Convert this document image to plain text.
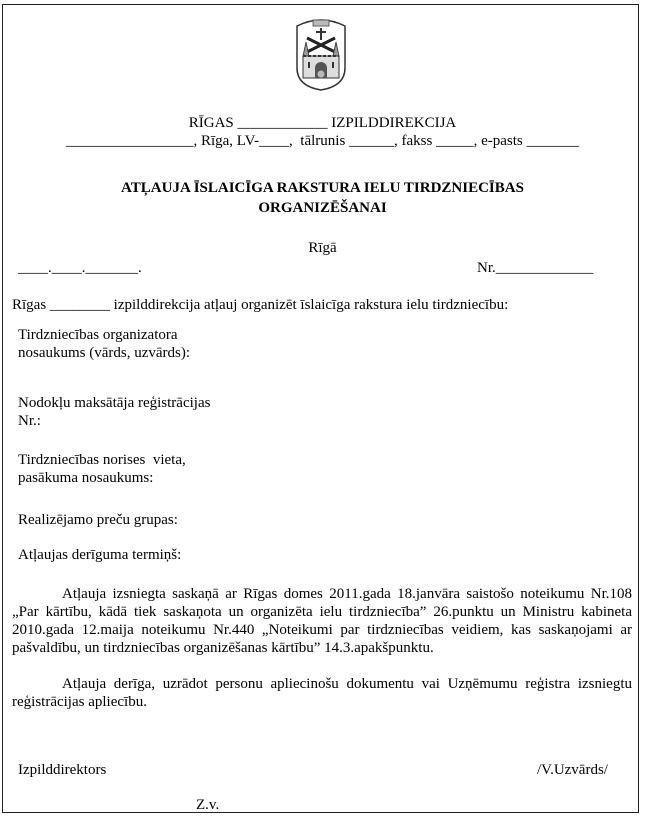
RĪGAS ____________ IZPILDDIREKCIJA
_________________, Rīga, LV-____,  tālrunis ______, fakss _____, e-pasts _______
ATĻAUJA ĪSLAICĪGA RAKSTURA IELU TIRDZNIECĪBAS
ORGANIZĒŠANAI
Rīgā
____.____._______.	Nr._____________
Rīgas ________ izpilddirekcija atļauj organizēt īslaicīga rakstura ielu tirdzniecību:
Tirdzniecības organizatora
nosaukums (vārds, uzvārds):
Nodokļu maksātāja reģistrācijas
Nr.:
Tirdzniecības norises  vieta,
pasākuma nosaukums:
Realizējamo preču grupas:
Atļaujas derīguma termiņš:

Atļauja izsniegta saskaņā ar Rīgas domes 2011.gada 18.janvāra saistošo noteikumu Nr.108 „Par kārtību, kādā tiek saskaņota un organizēta ielu tirdzniecība” 26.punktu un Ministru kabineta 2010.gada 12.maija noteikumu Nr.440 „Noteikumi par tirdzniecības veidiem, kas saskaņojami ar pašvaldību, un tirdzniecības organizēšanas kārtību” 14.3.apakšpunktu.

Atļauja derīga, uzrādot personu apliecinošu dokumentu vai Uzņēmumu reģistra izsniegtu reģistrācijas apliecību.

Izpilddirektors	/V.Uzvārds/
Z.v.
